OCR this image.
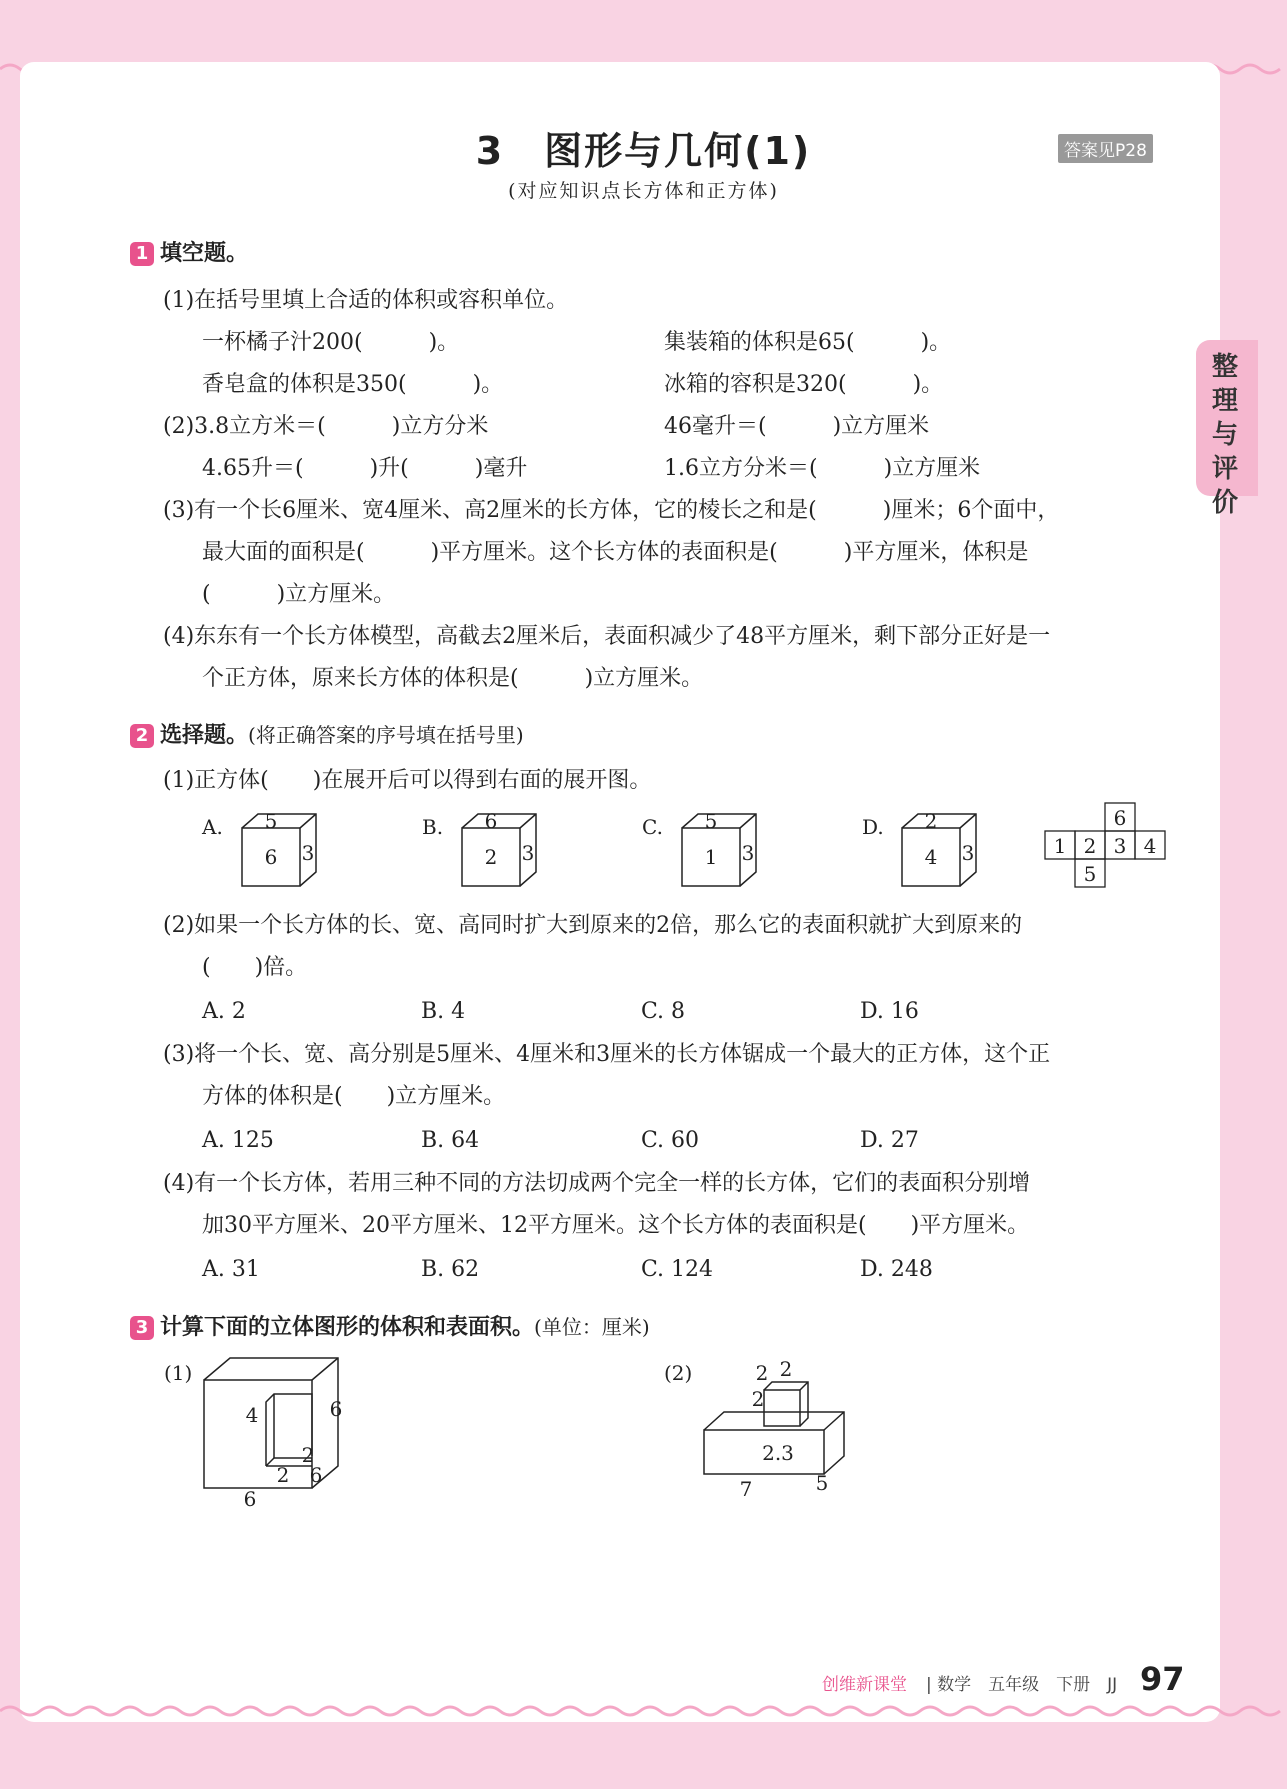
3　图形与几何(1)
(对应知识点长方体和正方体)
答案见P28
整理与评价
1 填空题。
(1)在括号里填上合适的体积或容积单位。
一杯橘子汁200(　　　)。	集装箱的体积是65(　　　)。
香皂盒的体积是350(　　　)。	冰箱的容积是320(　　　)。
(2)3.8立方米＝(　　　)立方分米	46毫升＝(　　　)立方厘米
4.65升＝(　　　)升(　　　)毫升	1.6立方分米＝(　　　)立方厘米
(3)有一个长6厘米、宽4厘米、高2厘米的长方体，它的棱长之和是(　　　)厘米；6个面中，
最大面的面积是(　　　)平方厘米。这个长方体的表面积是(　　　)平方厘米，体积是
(　　　)立方厘米。
(4)东东有一个长方体模型，高截去2厘米后，表面积减少了48平方厘米，剩下部分正好是一
个正方体，原来长方体的体积是(　　　)立方厘米。
2 选择题。(将正确答案的序号填在括号里)
(1)正方体(　　)在展开后可以得到右面的展开图。
A. 5
6 3
B. 6
2 3
C. 5
1 3
D. 2
4 3
6
1 2 3 4
5
(2)如果一个长方体的长、宽、高同时扩大到原来的2倍，那么它的表面积就扩大到原来的
(　　)倍。
A. 2	B. 4	C. 8	D. 16
(3)将一个长、宽、高分别是5厘米、4厘米和3厘米的长方体锯成一个最大的正方体，这个正
方体的体积是(　　)立方厘米。
A. 125	B. 64	C. 60	D. 27
(4)有一个长方体，若用三种不同的方法切成两个完全一样的长方体，它们的表面积分别增
加30平方厘米、20平方厘米、12平方厘米。这个长方体的表面积是(　　)平方厘米。
A. 31	B. 62	C. 124	D. 248
3 计算下面的立体图形的体积和表面积。(单位：厘米)
(1)
4	6
2
2 6
6
(2)	2 2
2
2.3
7	5
创维新课堂 | 数学　五年级　下册　JJ 97
